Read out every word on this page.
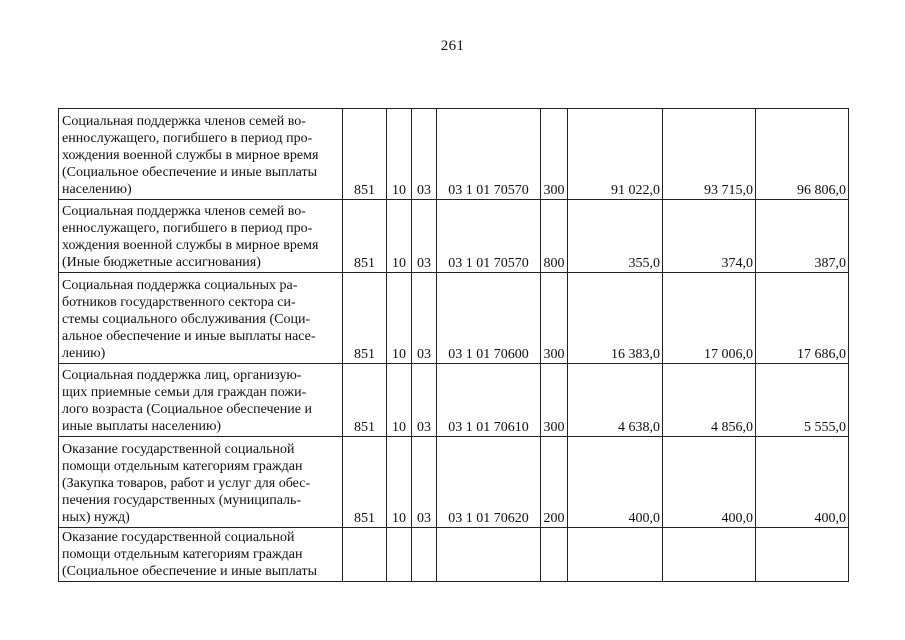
261
Социальная поддержка членов семей во-
еннослужащего, погибшего в период про-
хождения военной службы в мирное время
(Социальное обеспечение и иные выплаты
населению)	851	10	03	03 1 01 70570	300	91 022,0	93 715,0	96 806,0

Социальная поддержка членов семей во-
еннослужащего, погибшего в период про-
хождения военной службы в мирное время
(Иные бюджетные ассигнования)	851	10	03	03 1 01 70570	800	355,0	374,0	387,0

Социальная поддержка социальных ра-
ботников государственного сектора си-
стемы социального обслуживания (Соци-
альное обеспечение и иные выплаты насе-
лению)	851	10	03	03 1 01 70600	300	16 383,0	17 006,0	17 686,0

Социальная поддержка лиц, организую-
щих приемные семьи для граждан пожи-
лого возраста (Социальное обеспечение и
иные выплаты населению)	851	10	03	03 1 01 70610	300	4 638,0	4 856,0	5 555,0

Оказание государственной социальной
помощи отдельным категориям граждан
(Закупка товаров, работ и услуг для обес-
печения государственных (муниципаль-
ных) нужд)	851	10	03	03 1 01 70620	200	400,0	400,0	400,0

Оказание государственной социальной
помощи отдельным категориям граждан
(Социальное обеспечение и иные выплаты								
